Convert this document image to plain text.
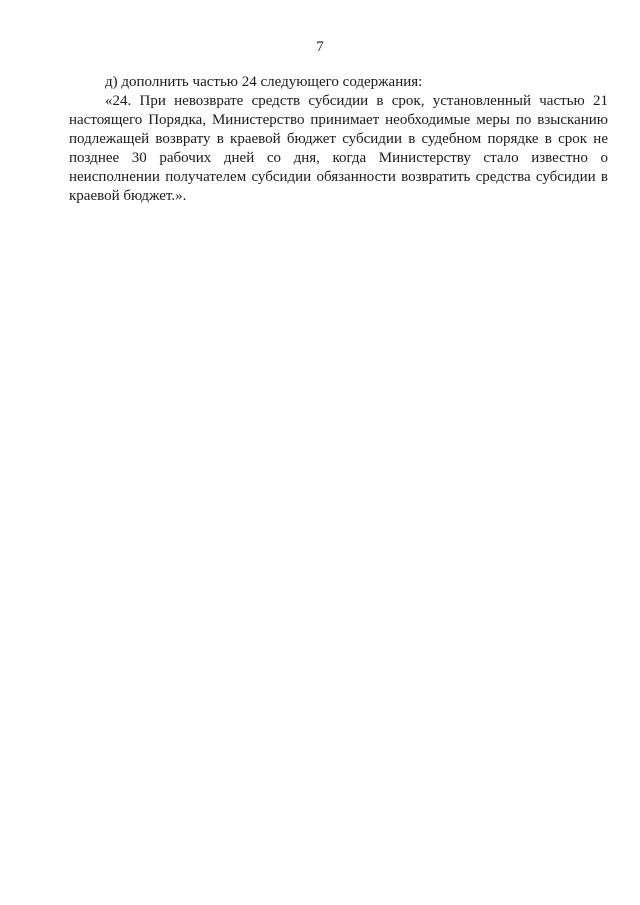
7

д) дополнить частью 24 следующего содержания:

«24. При невозврате средств субсидии в срок, установленный частью 21 настоящего Порядка, Министерство принимает необходимые меры по взысканию подлежащей возврату в краевой бюджет субсидии в судебном порядке в срок не позднее 30 рабочих дней со дня, когда Министерству стало известно о неисполнении получателем субсидии обязанности возвратить средства субсидии в краевой бюджет.».
